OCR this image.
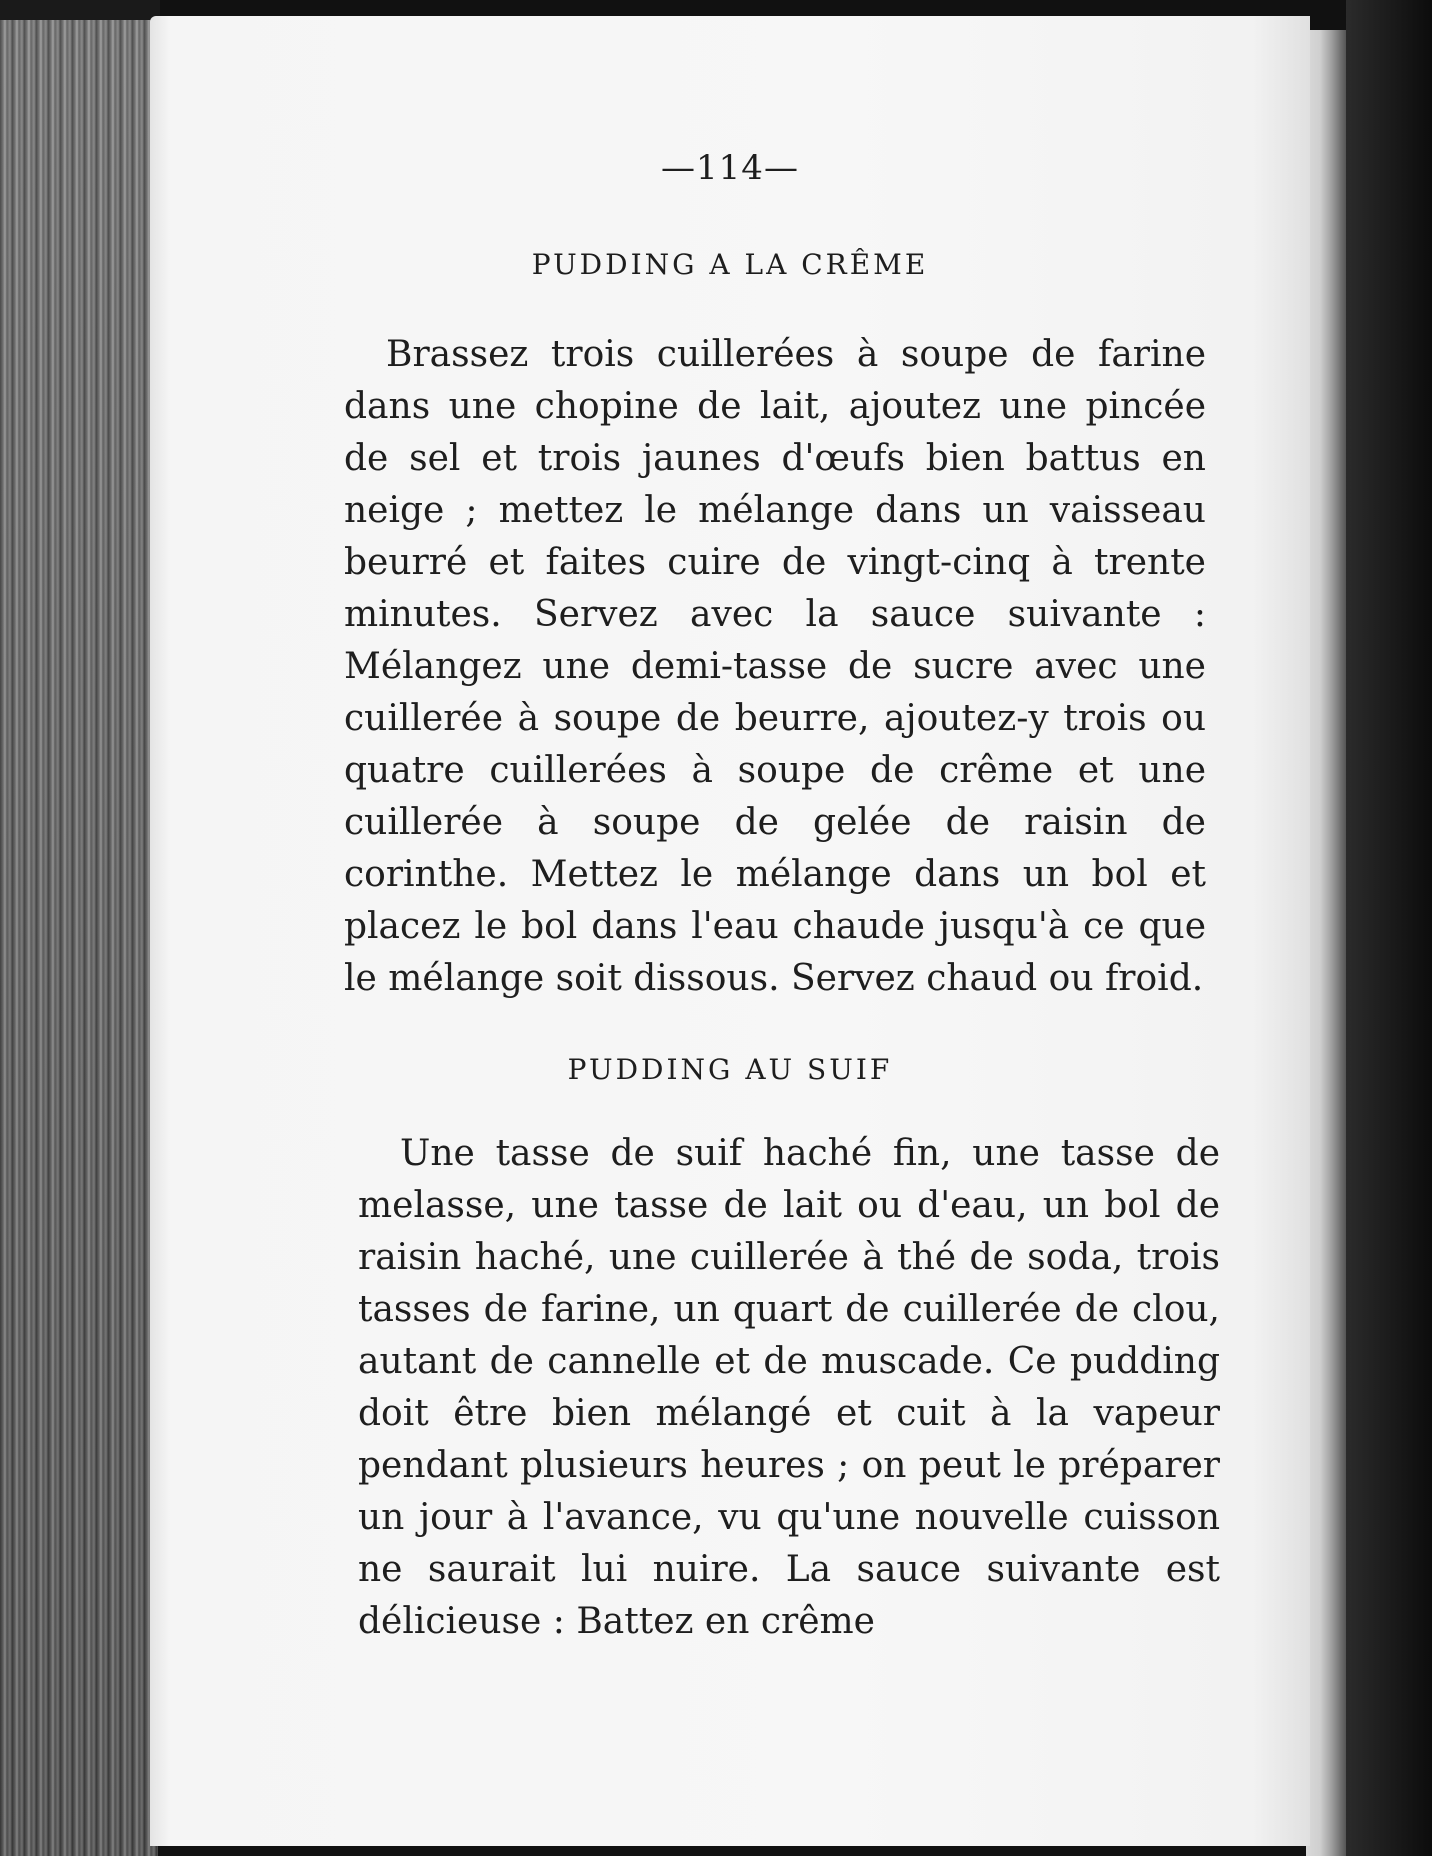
—114—
PUDDING A LA CRÊME

Brassez trois cuillerées à soupe de farine dans une chopine de lait, ajoutez une pincée de sel et trois jaunes d'œufs bien battus en neige ; mettez le mélange dans un vaisseau beurré et faites cuire de vingt-cinq à trente minutes. Servez avec la sauce suivante : Mélangez une demi-tasse de sucre avec une cuillerée à soupe de beurre, ajoutez-y trois ou quatre cuillerées à soupe de crême et une cuillerée à soupe de gelée de raisin de corinthe. Mettez le mélange dans un bol et placez le bol dans l'eau chaude jusqu'à ce que le mélange soit dissous. Servez chaud ou froid.

PUDDING AU SUIF

Une tasse de suif haché fin, une tasse de melasse, une tasse de lait ou d'eau, un bol de raisin haché, une cuillerée à thé de soda, trois tasses de farine, un quart de cuillerée de clou, autant de cannelle et de muscade. Ce pudding doit être bien mélangé et cuit à la vapeur pendant plusieurs heures ; on peut le préparer un jour à l'avance, vu qu'une nouvelle cuisson ne saurait lui nuire. La sauce suivante est délicieuse : Battez en crême
